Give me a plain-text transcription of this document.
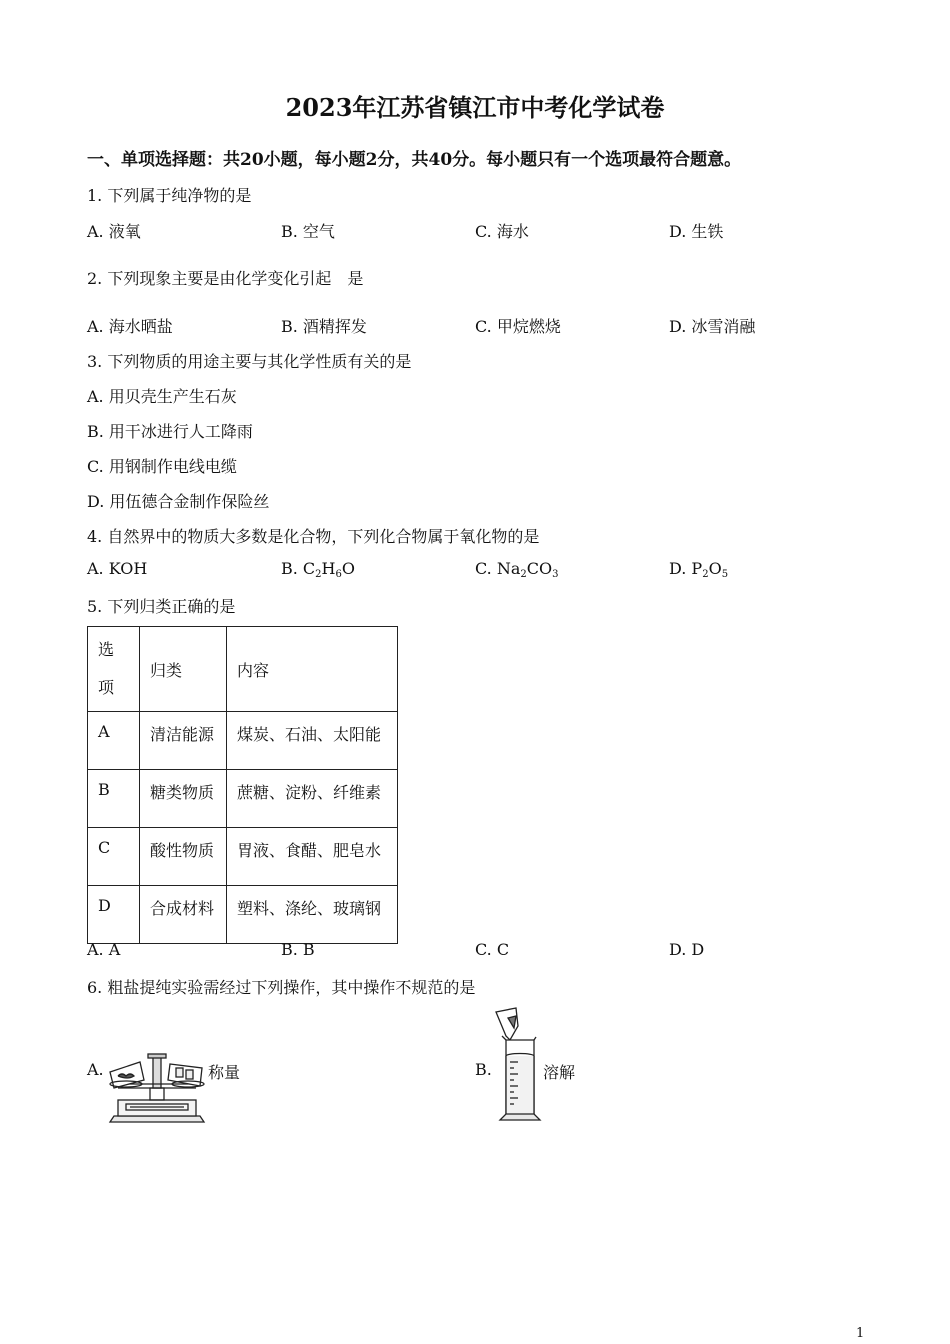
2023年江苏省镇江市中考化学试卷
一、单项选择题：共20小题，每小题2分，共40分。每小题只有一个选项最符合题意。
1. 下列属于纯净物的是
A. 液氧	B. 空气	C. 海水	D. 生铁
2. 下列现象主要是由化学变化引起　是
A. 海水晒盐	B. 酒精挥发	C. 甲烷燃烧	D. 冰雪消融
3. 下列物质的用途主要与其化学性质有关的是
A. 用贝壳生产生石灰
B. 用干冰进行人工降雨
C. 用钢制作电线电缆
D. 用伍德合金制作保险丝
4. 自然界中的物质大多数是化合物，下列化合物属于氧化物的是
A. KOH	B. $C_2H_6O$	C. $Na_2CO_3$	D. $P_2O_5$
5. 下列归类正确的是
选
项	归类	内容
A	清洁能源	煤炭、石油、太阳能
B	糖类物质	蔗糖、淀粉、纤维素
C	酸性物质	胃液、食醋、肥皂水
D	合成材料	塑料、涤纶、玻璃钢
A. A	B. B	C. C	D. D
6. 粗盐提纯实验需经过下列操作，其中操作不规范的是
A.	称量	B.	溶解
1
